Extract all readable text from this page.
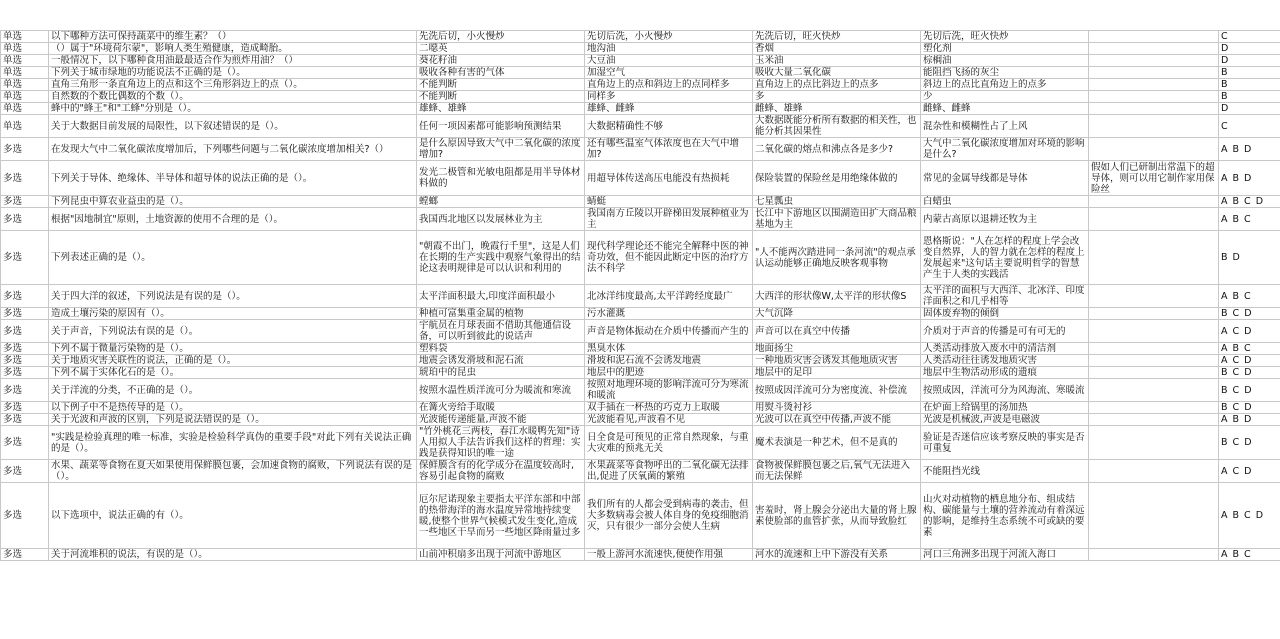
单选	以下哪种方法可保持蔬菜中的维生素？（）	先洗后切，小火慢炒	先切后洗，小火慢炒	先洗后切，旺火快炒	先切后洗，旺火快炒		C
单选	（）属于"环境荷尔蒙"，影响人类生殖健康，造成畸胎。	二噁英	地沟油	香烟	塑化剂		D
单选	一般情况下，以下哪种食用油最最适合作为煎炸用油？（）	葵花籽油	大豆油	玉米油	棕榈油		D
单选	下列关于城市绿地的功能说法不正确的是（）。	吸收各种有害的气体	加湿空气	吸收大量二氧化碳	能阻挡飞扬的灰尘		B
单选	直角三角形一条直角边上的点和这个三角形斜边上的点（）。	不能判断	直角边上的点和斜边上的点同样多	直角边上的点比斜边上的点多	斜边上的点比直角边上的点多		B
单选	自然数的个数比偶数的个数（）。	不能判断	同样多	多	少		B
单选	蜂中的"蜂王"和"工蜂"分别是（）。	雄蜂、雄蜂	雄蜂、雌蜂	雌蜂、雄蜂	雌蜂、雌蜂		D
单选	关于大数据目前发展的局限性，以下叙述错误的是（）。	任何一项因素都可能影响预测结果	大数据精确性不够	大数据既能分析所有数据的相关性，也能分析其因果性	混杂性和模糊性占了上风		C
多选	在发现大气中二氧化碳浓度增加后，下列哪些问题与二氧化碳浓度增加相关?（）	是什么原因导致大气中二氧化碳的浓度增加?	还有哪些温室气体浓度也在大气中增加?	二氧化碳的熔点和沸点各是多少?	大气中二氧化碳浓度增加对环境的影响是什么?		A B D
多选	下列关于导体、绝缘体、半导体和超导体的说法正确的是（）。	发光二极管和光敏电阻都是用半导体材料做的	用超导体传送高压电能没有热损耗	保险装置的保险丝是用绝缘体做的	常见的金属导线都是导体	假如人们已研制出常温下的超导体，则可以用它制作家用保险丝	A B D
多选	下列昆虫中算农业益虫的是（）。	螳螂	蜻蜓	七星瓢虫	白蜡虫		A B C D
多选	根据"因地制宜"原则，土地资源的使用不合理的是（）。	我国西北地区以发展林业为主	我国南方丘陵以开辟梯田发展种植业为主	长江中下游地区以围湖造田扩大商品粮基地为主	内蒙古高原以退耕还牧为主		A B C
多选	下列表述正确的是（）。	"朝霞不出门，晚霞行千里"，这是人们在长期的生产实践中观察气象得出的结论这表明规律是可以认识和利用的	现代科学理论还不能完全解释中医的神奇功效，但不能因此断定中医的治疗方法不科学	"人不能两次踏进同一条河流"的观点承认运动能够正确地反映客观事物	恩格斯说："人在怎样的程度上学会改变自然界，人的智力就在怎样的程度上发展起来"这句话主要说明哲学的智慧产生于人类的实践活		B D
多选	关于四大洋的叙述，下列说法是有误的是（）。	太平洋面积最大,印度洋面积最小	北冰洋纬度最高,太平洋跨经度最广	大西洋的形状像W,太平洋的形状像S	太平洋的面积与大西洋、北冰洋、印度洋面积之和几乎相等		A B C
多选	造成土壤污染的原因有（）。	种植可富集重金属的植物	污水灌溉	大气沉降	固体废弃物的倾倒		B C D
多选	关于声音，下列说法有误的是（）。	宇航员在月球表面不借助其他通信设备，可以听到彼此的说话声	声音是物体振动在介质中传播而产生的	声音可以在真空中传播	介质对于声音的传播是可有可无的		A C D
多选	下列不属于微量污染物的是（）。	塑料袋	黑臭水体	地面扬尘	人类活动排放入废水中的清洁剂		A B C
多选	关于地质灾害关联性的说法，正确的是（）。	地震会诱发滑坡和泥石流	滑坡和泥石流不会诱发地震	一种地质灾害会诱发其他地质灾害	人类活动往往诱发地质灾害		A C D
多选	下列不属于实体化石的是（）。	琥珀中的昆虫	地层中的肥迹	地层中的足印	地层中生物活动形成的遗痕		B C D
多选	关于洋流的分类，不正确的是（）。	按照水温性质洋流可分为暖流和寒流	按照对地理环境的影响洋流可分为寒流和暖流	按照成因洋流可分为密度流、补偿流	按照成因，洋流可分为风海流、寒暖流		B C D
多选	以下例子中不是热传导的是（）。	在篝火旁给手取暖	双手插在一杯热的巧克力上取暖	用熨斗烫衬衫	在炉面上给锅里的汤加热		B C D
多选	关于光波和声波的区别，下列是说法错误的是（）。	光波能传递能量,声波不能	光波能看见,声波看不见	光波可以在真空中传播,声波不能	光波是机械波,声波是电磁波		A B D
多选	"实践是检验真理的唯一标准，实验是检验科学真伪的重要手段"对此下列有关说法正确的是（）。	"竹外桃花三两枝，春江水暖鸭先知"诗人用拟人手法告诉我们这样的哲理：实践是获得知识的唯一途	日全食是可预见的正常自然现象，与重大灾难的预兆无关	魔术表演是一种艺术，但不是真的	验证是否迷信应该考察反映的事实是否可重复		B C D
多选	水果、蔬菜等食物在夏天如果使用保鲜膜包裹，会加速食物的腐败，下列说法有误的是（）。	保鲜膜含有的化学成分在温度较高时,容易引起食物的腐败	水果蔬菜等食物呼出的二氧化碳无法排出,促进了厌氧菌的繁殖	食物被保鲜膜包裹之后,氧气无法进入而无法保鲜	不能阻挡光线		A C D
多选	以下选项中，说法正确的有（）。	厄尔尼诺现象主要指太平洋东部和中部的热带海洋的海水温度异常地持续变暖,使整个世界气候模式发生变化,造成一些地区干旱而另一些地区降雨量过多	我们所有的人都会受到病毒的袭击，但大多数病毒会被人体自身的免疫细胞消灭，只有很少一部分会使人生病	害羞时，肾上腺会分泌出大量的肾上腺素使脸部的血管扩张，从而导致脸红	山火对动植物的栖息地分布、组成结构、碳能量与土壤的营养流动有着深远的影响，是维持生态系统不可或缺的要素		A B C D
多选	关于河流堆积的说法，有误的是（）。	山前冲积扇多出现于河流中游地区	一般上游河水流速快,便使作用强	河水的流速和上中下游没有关系	河口三角洲多出现于河流入海口		A B C
